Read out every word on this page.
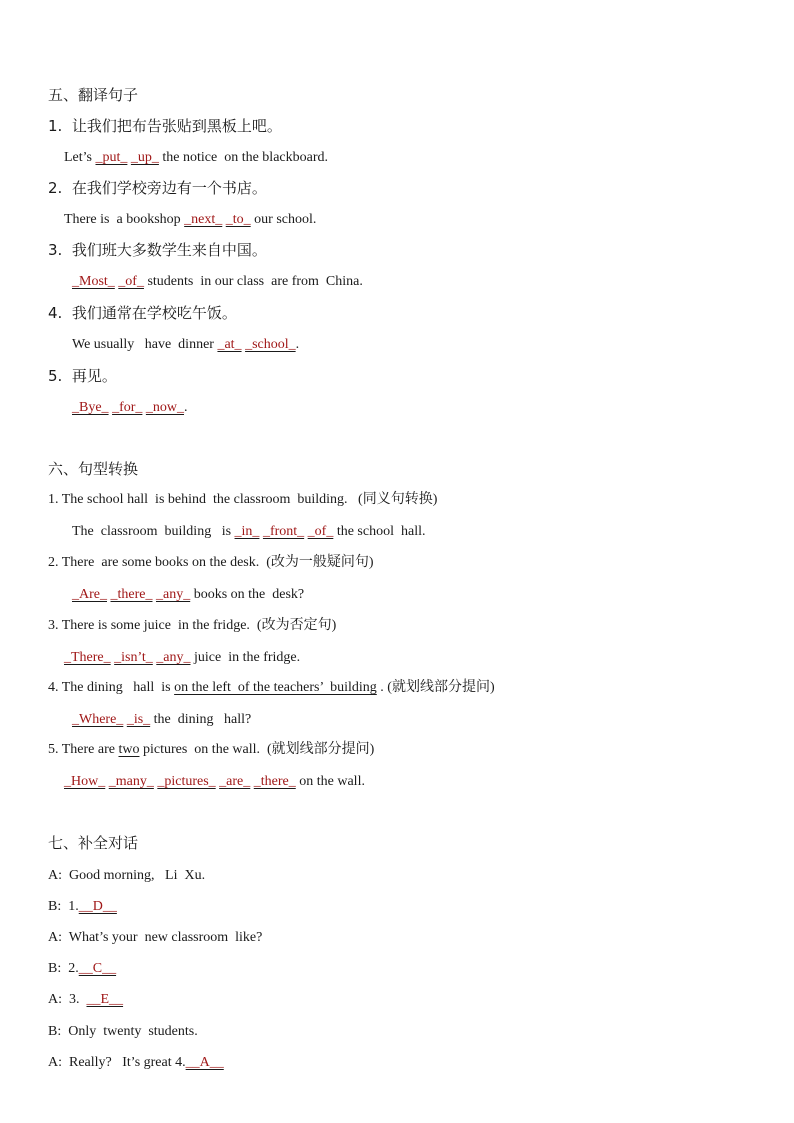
五、翻译句子
1.  让我们把布告张贴到黑板上吧。
Let’s _put_ _up_ the notice  on the blackboard.
2.  在我们学校旁边有一个书店。
There is  a bookshop _next_ _to_ our school.
3.  我们班大多数学生来自中国。
_Most_ _of_ students  in our class  are from  China.
4.  我们通常在学校吃午饭。
We usually   have  dinner _at_ _school_.
5.  再见。
_Bye_ _for_ _now_.
六、句型转换
1. The school hall  is behind  the classroom  building.   (同义句转换)
The  classroom  building   is _in_ _front_ _of_ the school  hall.
2. There  are some books on the desk.  (改为一般疑问句)
_Are_ _there_ _any_ books on the  desk?
3. There is some juice  in the fridge.  (改为否定句)
_There_ _isn’t_ _any_ juice  in the fridge.
4. The dining   hall  is on the left  of the teachers’  building . (就划线部分提问)
_Where_ _is_ the  dining   hall?
5. There are two pictures  on the wall.  (就划线部分提问)
_How_ _many_ _pictures_ _are_ _there_ on the wall.
七、补全对话
A:  Good morning,   Li  Xu.
B:  1.__D__
A:  What’s your  new classroom  like?
B:  2.__C__
A:  3.  __E__
B:  Only  twenty  students.
A:  Really?   It’s great 4.__A__
